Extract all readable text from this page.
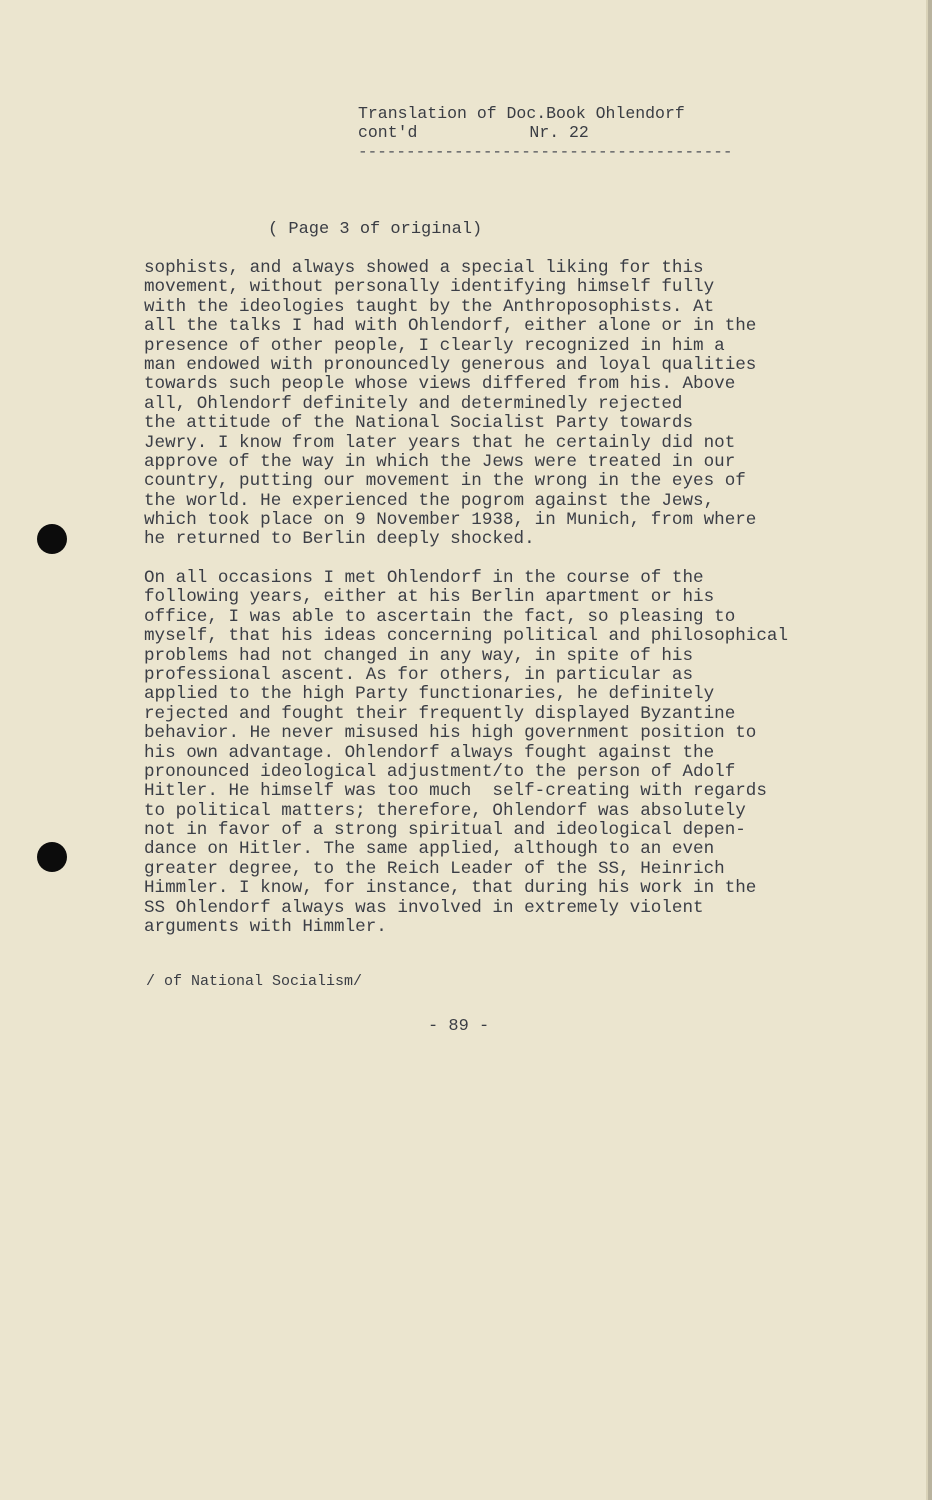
Translation of Doc.Book Ohlendorf
cont'd	Nr. 22
---------------------------------------
( Page 3 of original)
sophists, and always showed a special liking for this
movement, without personally identifying himself fully
with the ideologies taught by the Anthroposophists. At
all the talks I had with Ohlendorf, either alone or in the
presence of other people, I clearly recognized in him a
man endowed with pronouncedly generous and loyal qualities
towards such people whose views differed from his. Above
all, Ohlendorf definitely and determinedly rejected
the attitude of the National Socialist Party towards
Jewry. I know from later years that he certainly did not
approve of the way in which the Jews were treated in our
country, putting our movement in the wrong in the eyes of
the world. He experienced the pogrom against the Jews,
which took place on 9 November 1938, in Munich, from where
he returned to Berlin deeply shocked.
On all occasions I met Ohlendorf in the course of the
following years, either at his Berlin apartment or his
office, I was able to ascertain the fact, so pleasing to
myself, that his ideas concerning political and philosophical
problems had not changed in any way, in spite of his
professional ascent. As for others, in particular as
applied to the high Party functionaries, he definitely
rejected and fought their frequently displayed Byzantine
behavior. He never misused his high government position to
his own advantage. Ohlendorf always fought against the
pronounced ideological adjustment/to the person of Adolf
Hitler. He himself was too much  self-creating with regards
to political matters; therefore, Ohlendorf was absolutely
not in favor of a strong spiritual and ideological depen-
dance on Hitler. The same applied, although to an even
greater degree, to the Reich Leader of the SS, Heinrich
Himmler. I know, for instance, that during his work in the
SS Ohlendorf always was involved in extremely violent
arguments with Himmler.
/ of National Socialism/
- 89 -
